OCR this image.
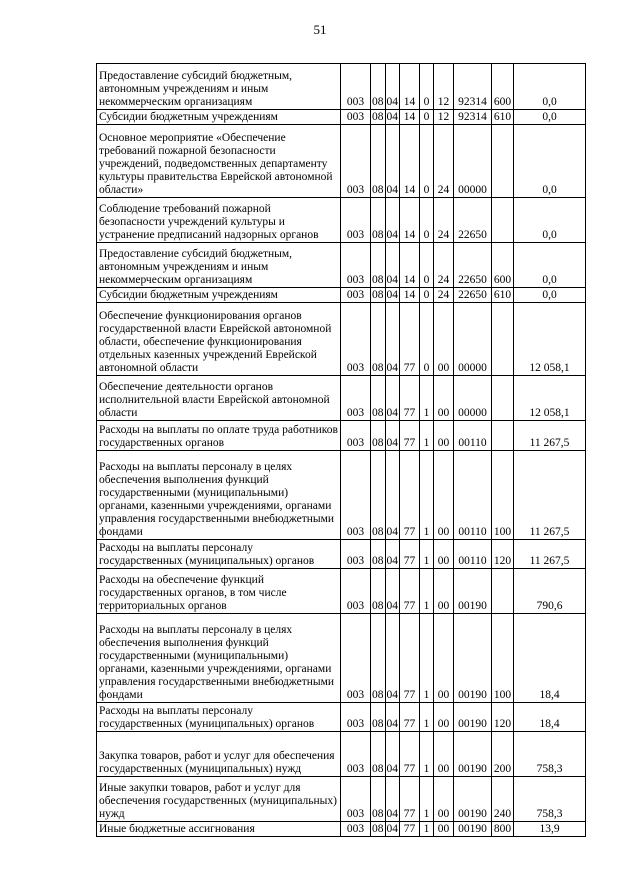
51
Предоставление субсидий бюджетным, автономным учреждениям и иным некоммерческим организациям	003	08	04	14	0	12	92314	600	0,0
Субсидии бюджетным учреждениям	003	08	04	14	0	12	92314	610	0,0
Основное мероприятие «Обеспечение требований пожарной безопасности учреждений, подведомственных департаменту культуры правительства Еврейской автономной области»	003	08	04	14	0	24	00000		0,0
Соблюдение требований пожарной безопасности учреждений культуры и устранение предписаний надзорных органов	003	08	04	14	0	24	22650		0,0
Предоставление субсидий бюджетным, автономным учреждениям и иным некоммерческим организациям	003	08	04	14	0	24	22650	600	0,0
Субсидии бюджетным учреждениям	003	08	04	14	0	24	22650	610	0,0
Обеспечение функционирования органов государственной власти Еврейской автономной области, обеспечение функционирования отдельных казенных учреждений Еврейской автономной области	003	08	04	77	0	00	00000		12 058,1
Обеспечение деятельности органов исполнительной власти Еврейской автономной области	003	08	04	77	1	00	00000		12 058,1
Расходы на выплаты по оплате труда работников государственных органов	003	08	04	77	1	00	00110		11 267,5
Расходы на выплаты персоналу в целях обеспечения выполнения функций государственными (муниципальными) органами, казенными учреждениями, органами управления государственными внебюджетными фондами	003	08	04	77	1	00	00110	100	11 267,5
Расходы на выплаты персоналу государственных (муниципальных) органов	003	08	04	77	1	00	00110	120	11 267,5
Расходы на обеспечение функций государственных органов, в том числе территориальных органов	003	08	04	77	1	00	00190		790,6
Расходы на выплаты персоналу в целях обеспечения выполнения функций государственными (муниципальными) органами, казенными учреждениями, органами управления государственными внебюджетными фондами	003	08	04	77	1	00	00190	100	18,4
Расходы на выплаты персоналу государственных (муниципальных) органов	003	08	04	77	1	00	00190	120	18,4
Закупка товаров, работ и услуг для обеспечения государственных (муниципальных) нужд	003	08	04	77	1	00	00190	200	758,3
Иные закупки товаров, работ и услуг для обеспечения государственных (муниципальных) нужд	003	08	04	77	1	00	00190	240	758,3
Иные бюджетные ассигнования	003	08	04	77	1	00	00190	800	13,9
